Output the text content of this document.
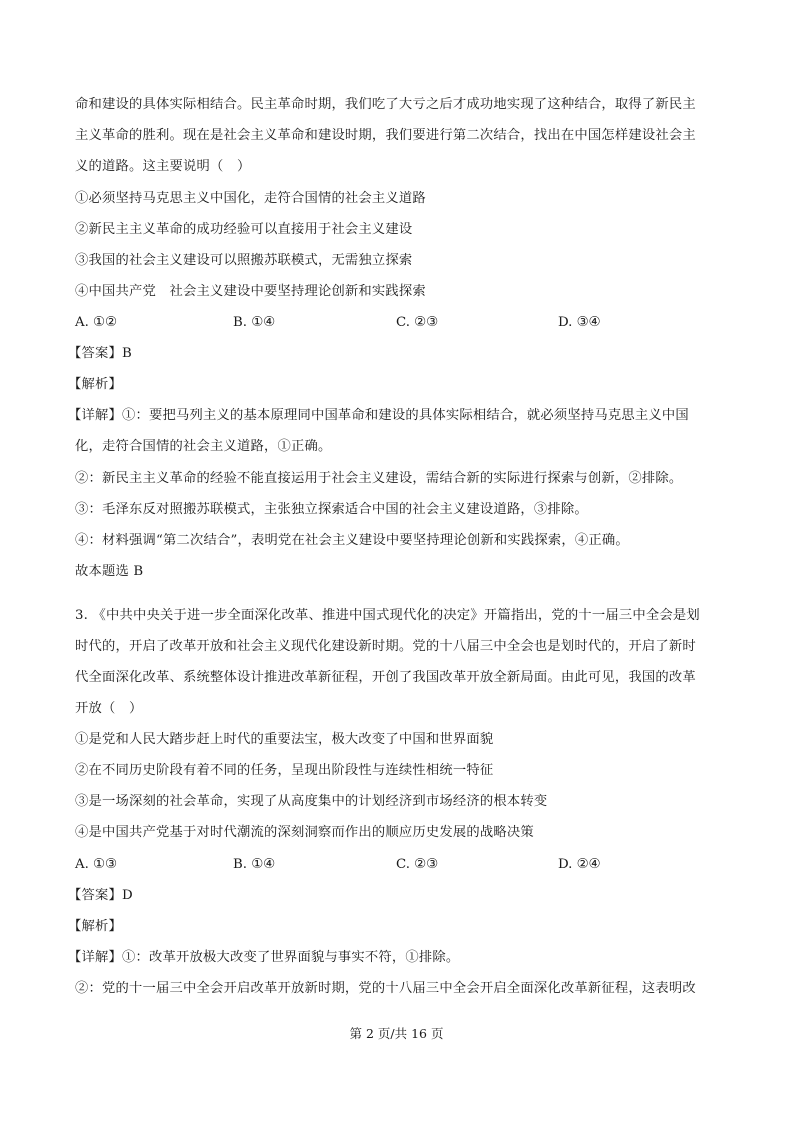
命和建设的具体实际相结合。民主革命时期，我们吃了大亏之后才成功地实现了这种结合，取得了新民主
主义革命的胜利。现在是社会主义革命和建设时期，我们要进行第二次结合，找出在中国怎样建设社会主
义的道路。这主要说明（　）
①必须坚持马克思主义中国化，走符合国情的社会主义道路
②新民主主义革命的成功经验可以直接用于社会主义建设
③我国的社会主义建设可以照搬苏联模式，无需独立探索
④中国共产党　社会主义建设中要坚持理论创新和实践探索
A. ①②	B. ①④	C. ②③	D. ③④
【答案】B
【解析】
【详解】①：要把马列主义的基本原理同中国革命和建设的具体实际相结合，就必须坚持马克思主义中国
化，走符合国情的社会主义道路，①正确。
②：新民主主义革命的经验不能直接运用于社会主义建设，需结合新的实际进行探索与创新，②排除。
③：毛泽东反对照搬苏联模式，主张独立探索适合中国的社会主义建设道路，③排除。
④：材料强调“第二次结合”，表明党在社会主义建设中要坚持理论创新和实践探索，④正确。
故本题选 B
3. 《中共中央关于进一步全面深化改革、推进中国式现代化的决定》开篇指出，党的十一届三中全会是划
时代的，开启了改革开放和社会主义现代化建设新时期。党的十八届三中全会也是划时代的，开启了新时
代全面深化改革、系统整体设计推进改革新征程，开创了我国改革开放全新局面。由此可见，我国的改革
开放（　）
①是党和人民大踏步赶上时代的重要法宝，极大改变了中国和世界面貌
②在不同历史阶段有着不同的任务，呈现出阶段性与连续性相统一特征
③是一场深刻的社会革命，实现了从高度集中的计划经济到市场经济的根本转变
④是中国共产党基于对时代潮流的深刻洞察而作出的顺应历史发展的战略决策
A. ①③	B. ①④	C. ②③	D. ②④
【答案】D
【解析】
【详解】①：改革开放极大改变了世界面貌与事实不符，①排除。
②：党的十一届三中全会开启改革开放新时期，党的十八届三中全会开启全面深化改革新征程，这表明改
第 2 页/共 16 页
